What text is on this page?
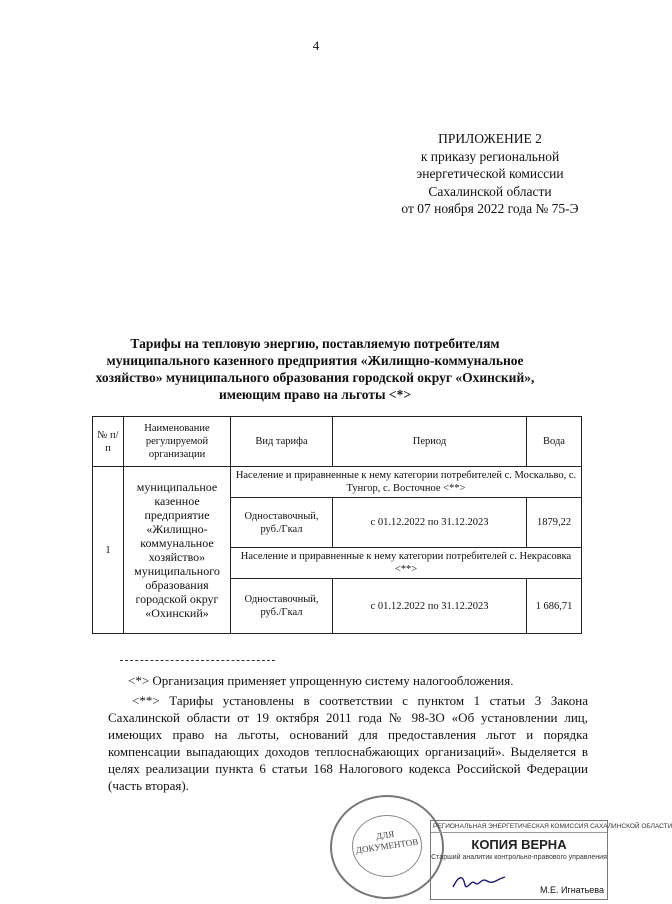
4
ПРИЛОЖЕНИЕ 2
к приказу региональной
энергетической комиссии
Сахалинской области
от 07 ноября 2022 года № 75-Э
Тарифы на тепловую энергию, поставляемую потребителям муниципального казенного предприятия «Жилищно-коммунальное хозяйство» муниципального образования городской округ «Охинский», имеющим право на льготы <*>
№ п/п	Наименование регулируемой организации	Вид тарифа	Период	Вода
1	муниципальное казенное предприятие «Жилищно-коммунальное хозяйство» муниципального образования городской округ «Охинский»	Население и приравненные к нему категории потребителей с. Москальво, с. Тунгор, с. Восточное <**>		
		Одноставочный, руб./Гкал	с 01.12.2022 по 31.12.2023	1879,22
		Население и приравненные к нему категории потребителей с. Некрасовка <**>		
		Одноставочный, руб./Гкал	с 01.12.2022 по 31.12.2023	1 686,71
<*> Организация применяет упрощенную систему налогообложения.
<**> Тарифы установлены в соответствии с пунктом 1 статьи 3 Закона Сахалинской области от 19 октября 2011 года № 98-ЗО «Об установлении лиц, имеющих право на льготы, оснований для предоставления льгот и порядка компенсации выпадающих доходов теплоснабжающих организаций». Выделяется в целях реализации пункта 6 статьи 168 Налогового кодекса Российской Федерации (часть вторая).
ДЛЯ ДОКУМЕНТОВ
РЕГИОНАЛЬНАЯ ЭНЕРГЕТИЧЕСКАЯ КОМИССИЯ САХАЛИНСКОЙ ОБЛАСТИ
КОПИЯ ВЕРНА
Старший аналитик контрольно-правового управления
М.Е. Игнатьева
